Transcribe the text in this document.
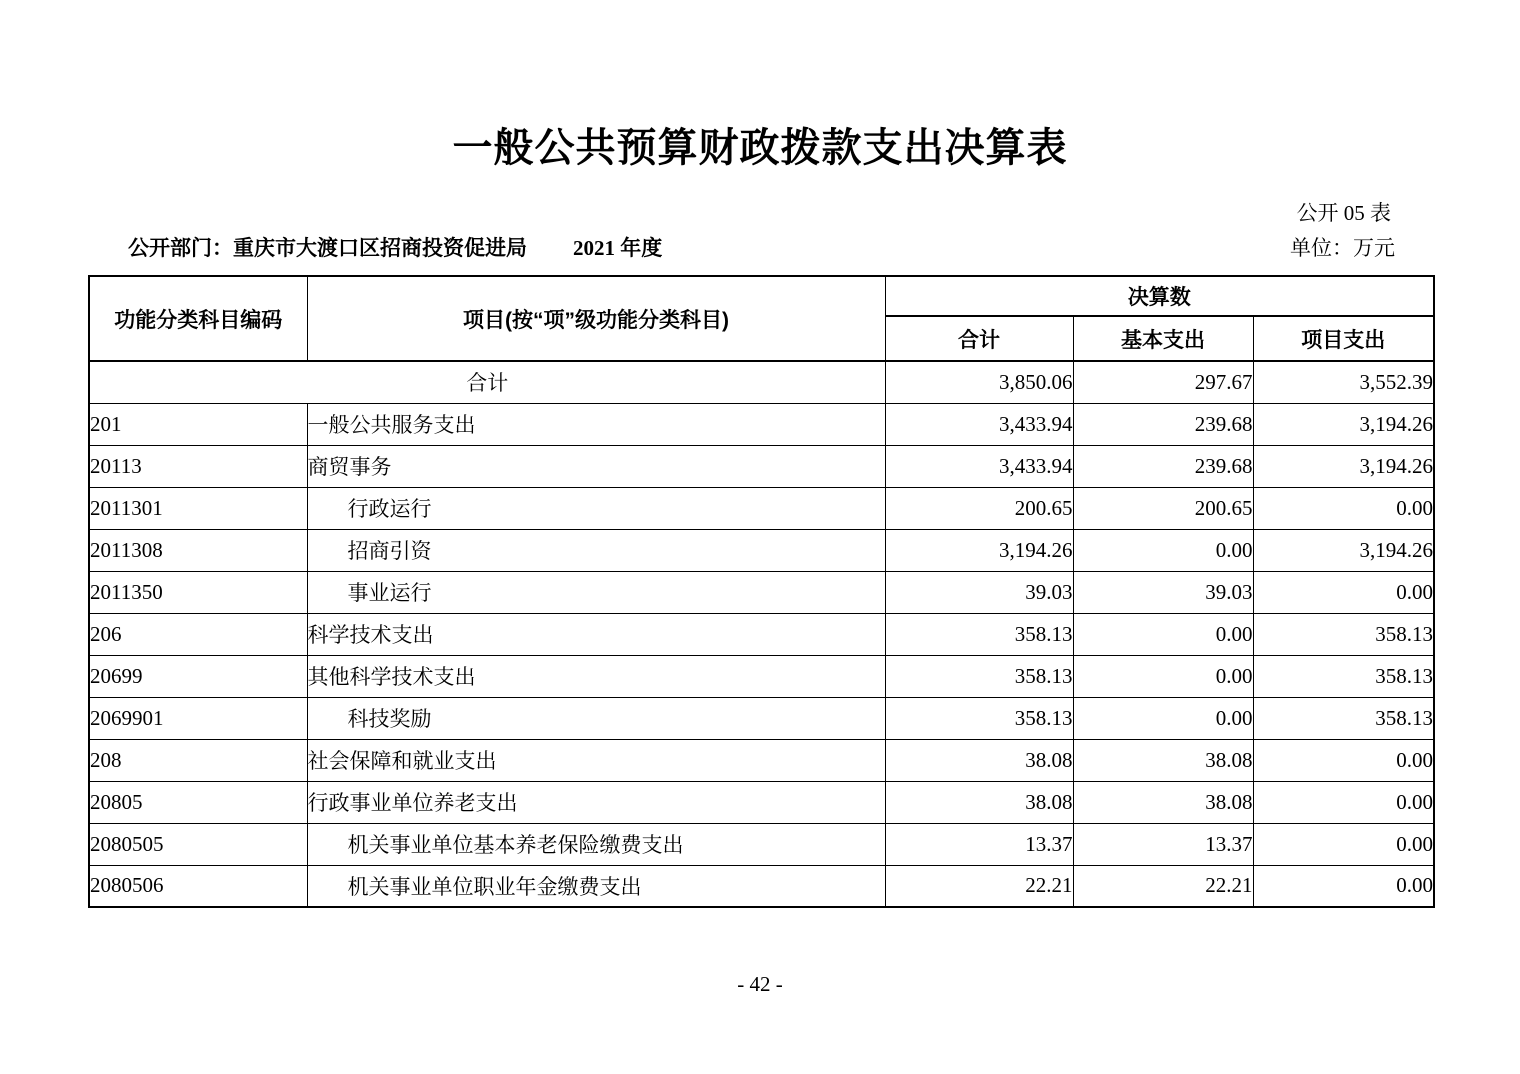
一般公共预算财政拨款支出决算表
公开 05 表
公开部门：重庆市大渡口区招商投资促进局 2021 年度	单位：万元
功能分类科目编码	项目(按“项”级功能分类科目)	决算数		
		合计	基本支出	项目支出
合计		3,850.06	297.67	3,552.39
201	一般公共服务支出	3,433.94	239.68	3,194.26
20113	商贸事务	3,433.94	239.68	3,194.26
2011301	行政运行	200.65	200.65	0.00
2011308	招商引资	3,194.26	0.00	3,194.26
2011350	事业运行	39.03	39.03	0.00
206	科学技术支出	358.13	0.00	358.13
20699	其他科学技术支出	358.13	0.00	358.13
2069901	科技奖励	358.13	0.00	358.13
208	社会保障和就业支出	38.08	38.08	0.00
20805	行政事业单位养老支出	38.08	38.08	0.00
2080505	机关事业单位基本养老保险缴费支出	13.37	13.37	0.00
2080506	机关事业单位职业年金缴费支出	22.21	22.21	0.00
- 42 -
